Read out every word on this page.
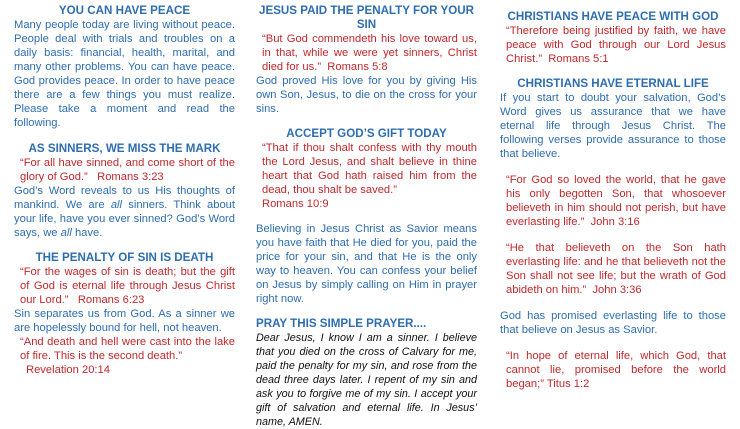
YOU CAN HAVE PEACE
Many people today are living without peace. People deal with trials and troubles on a daily basis: financial, health, marital, and many other problems. You can have peace. God provides peace. In order to have peace there are a few things you must realize. Please take a moment and read the following.
AS SINNERS, WE MISS THE MARK
“For all have sinned, and come short of the glory of God.” Romans 3:23
God’s Word reveals to us His thoughts of mankind. We are all sinners. Think about your life, have you ever sinned? God’s Word says, we all have.
THE PENALTY OF SIN IS DEATH
“For the wages of sin is death; but the gift of God is eternal life through Jesus Christ our Lord.” Romans 6:23
Sin separates us from God. As a sinner we are hopelessly bound for hell, not heaven.
“And death and hell were cast into the lake of fire. This is the second death.”
Revelation 20:14
JESUS PAID THE PENALTY FOR YOUR SIN
“But God commendeth his love toward us, in that, while we were yet sinners, Christ died for us.” Romans 5:8
God proved His love for you by giving His own Son, Jesus, to die on the cross for your sins.
ACCEPT GOD’S GIFT TODAY
“That if thou shalt confess with thy mouth the Lord Jesus, and shalt believe in thine heart that God hath raised him from the dead, thou shalt be saved.”
Romans 10:9
Believing in Jesus Christ as Savior means you have faith that He died for you, paid the price for your sin, and that He is the only way to heaven. You can confess your belief on Jesus by simply calling on Him in prayer right now.
PRAY THIS SIMPLE PRAYER....
Dear Jesus, I know I am a sinner. I believe that you died on the cross of Calvary for me, paid the penalty for my sin, and rose from the dead three days later. I repent of my sin and ask you to forgive me of my sin. I accept your gift of salvation and eternal life. In Jesus’ name, AMEN.
CHRISTIANS HAVE PEACE WITH GOD
“Therefore being justified by faith, we have peace with God through our Lord Jesus Christ.” Romans 5:1
CHRISTIANS HAVE ETERNAL LIFE
If you start to doubt your salvation, God’s Word gives us assurance that we have eternal life through Jesus Christ. The following verses provide assurance to those that believe.
“For God so loved the world, that he gave his only begotten Son, that whosoever believeth in him should not perish, but have everlasting life.” John 3:16
“He that believeth on the Son hath everlasting life: and he that believeth not the Son shall not see life; but the wrath of God abideth on him.” John 3:36
God has promised everlasting life to those that believe on Jesus as Savior.
“In hope of eternal life, which God, that cannot lie, promised before the world began;” Titus 1:2
